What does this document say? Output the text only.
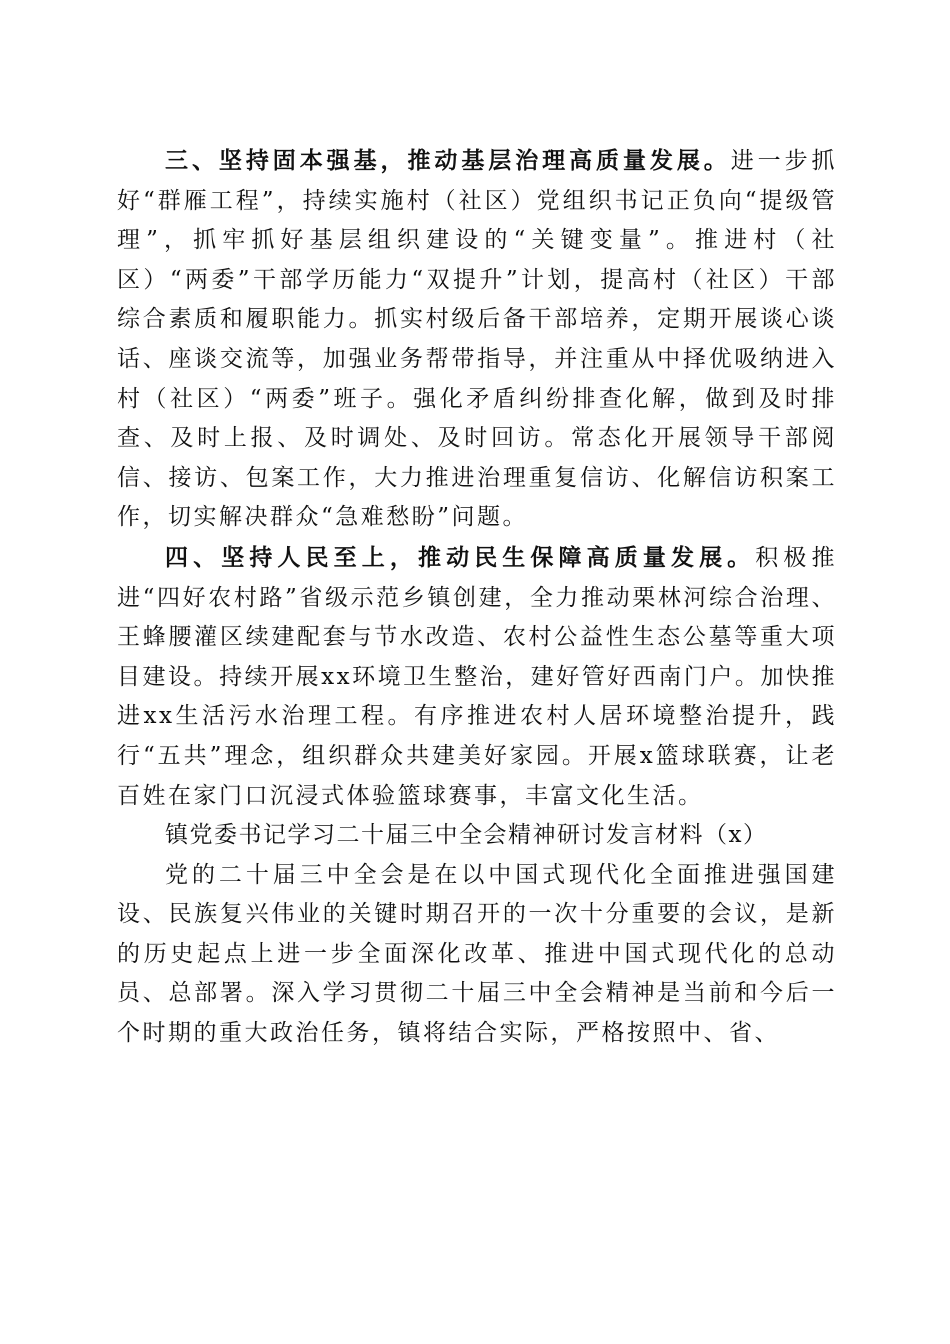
三、坚持固本强基，推动基层治理高质量发展。进一步抓好“群雁工程”，持续实施村（社区）党组织书记正负向“提级管理”，抓牢抓好基层组织建设的“关键变量”。推进村（社区）“两委”干部学历能力“双提升”计划，提高村（社区）干部综合素质和履职能力。抓实村级后备干部培养，定期开展谈心谈话、座谈交流等，加强业务帮带指导，并注重从中择优吸纳进入村（社区）“两委”班子。强化矛盾纠纷排查化解，做到及时排查、及时上报、及时调处、及时回访。常态化开展领导干部阅信、接访、包案工作，大力推进治理重复信访、化解信访积案工作，切实解决群众“急难愁盼”问题。

四、坚持人民至上，推动民生保障高质量发展。积极推进“四好农村路”省级示范乡镇创建，全力推动栗林河综合治理、王蜂腰灌区续建配套与节水改造、农村公益性生态公墓等重大项目建设。持续开展xx环境卫生整治，建好管好西南门户。加快推进xx生活污水治理工程。有序推进农村人居环境整治提升，践行“五共”理念，组织群众共建美好家园。开展x篮球联赛，让老百姓在家门口沉浸式体验篮球赛事，丰富文化生活。

镇党委书记学习二十届三中全会精神研讨发言材料（x）

党的二十届三中全会是在以中国式现代化全面推进强国建设、民族复兴伟业的关键时期召开的一次十分重要的会议，是新的历史起点上进一步全面深化改革、推进中国式现代化的总动员、总部署。深入学习贯彻二十届三中全会精神是当前和今后一个时期的重大政治任务，镇将结合实际，严格按照中、省、
